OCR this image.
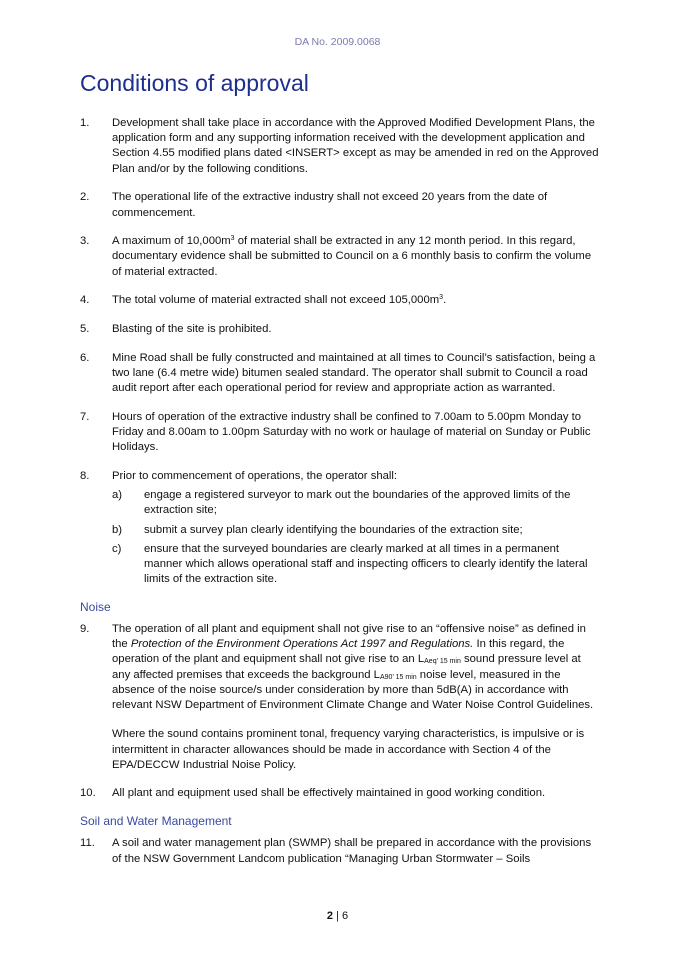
DA No. 2009.0068
Conditions of approval
1. Development shall take place in accordance with the Approved Modified Development Plans, the application form and any supporting information received with the development application and Section 4.55 modified plans dated <INSERT> except as may be amended in red on the Approved Plan and/or by the following conditions.
2. The operational life of the extractive industry shall not exceed 20 years from the date of commencement.
3. A maximum of $10,000m^3$ of material shall be extracted in any 12 month period. In this regard, documentary evidence shall be submitted to Council on a 6 monthly basis to confirm the volume of material extracted.
4. The total volume of material extracted shall not exceed $105,000m^3$.
5. Blasting of the site is prohibited.
6. Mine Road shall be fully constructed and maintained at all times to Council’s satisfaction, being a two lane (6.4 metre wide) bitumen sealed standard. The operator shall submit to Council a road audit report after each operational period for review and appropriate action as warranted.
7. Hours of operation of the extractive industry shall be confined to 7.00am to 5.00pm Monday to Friday and 8.00am to 1.00pm Saturday with no work or haulage of material on Sunday or Public Holidays.
8. Prior to commencement of operations, the operator shall:
a) engage a registered surveyor to mark out the boundaries of the approved limits of the extraction site;
b) submit a survey plan clearly identifying the boundaries of the extraction site;
c) ensure that the surveyed boundaries are clearly marked at all times in a permanent manner which allows operational staff and inspecting officers to clearly identify the lateral limits of the extraction site.
Noise
9. The operation of all plant and equipment shall not give rise to an “offensive noise” as defined in the Protection of the Environment Operations Act 1997 and Regulations. In this regard, the operation of the plant and equipment shall not give rise to an $L_{Aeq’ 15 min}$ sound pressure level at any affected premises that exceeds the background $L_{A90’ 15 min}$ noise level, measured in the absence of the noise source/s under consideration by more than 5dB(A) in accordance with relevant NSW Department of Environment Climate Change and Water Noise Control Guidelines.
Where the sound contains prominent tonal, frequency varying characteristics, is impulsive or is intermittent in character allowances should be made in accordance with Section 4 of the EPA/DECCW Industrial Noise Policy.
10. All plant and equipment used shall be effectively maintained in good working condition.
Soil and Water Management
11. A soil and water management plan (SWMP) shall be prepared in accordance with the provisions of the NSW Government Landcom publication “Managing Urban Stormwater – Soils
2 | 6
